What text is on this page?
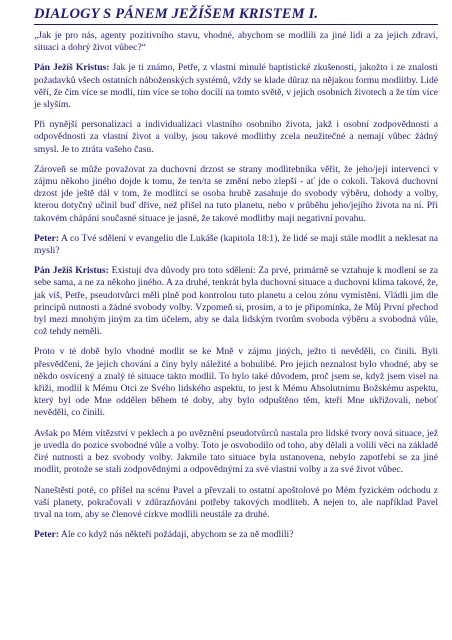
DIALOGY S PÁNEM JEŽÍŠEM KRISTEM I.

„Jak je pro nás, agenty pozitivního stavu, vhodné, abychom se modlili za jiné lidi a za jejich zdraví, situaci a dobrý život vůbec?“

Pán Ježíš Kristus: Jak je ti známo, Petře, z vlastní minulé baptistické zkušenosti, jakožto i ze znalosti požadavků všech ostatních náboženských systémů, vždy se klade důraz na nějakou formu modlitby. Lidé věří, že čím více se modlí, tím více se toho docílí na tomto světě, v jejich osobních životech a že tím více je slyším.

Při nynější personalizaci a individualizaci vlastního osobního života, jakž i osobní zodpovědnosti a odpovědnosti za vlastní život a volby, jsou takové modlitby zcela neužitečné a nemají vůbec žádný smysl. Je to ztráta vašeho času.

Zároveň se může považovat za duchovní drzost se strany modlitebníka věřit, že jeho/její intervencí v zájmu někoho jiného dojde k tomu, že ten/ta se změní nebo zlepší - ať jde o cokoli. Taková duchovní drzost jde ještě dál v tom, že modlitcí se osoba hrubě zasahuje do svobody výběru, dohody a volby, kterou dotyčný učinil buď dříve, než přišel na tuto planetu, nebo v průběhu jeho/jejího života na ní. Při takovém chápání současné situace je jasné, že takové modlitby mají negativní povahu.

Peter: A co Tvé sdělení v evangeliu dle Lukáše (kapitola 18:1), že lidé se mají stále modlit a neklesat na mysli?

Pán Ježíš Kristus: Existují dva důvody pro toto sdělení: Za prvé, primárně se vztahuje k modlení se za sebe sama, a ne za někoho jiného. A za druhé, tenkrát byla duchovní situace a duchovní klima takové, že, jak víš, Petře, pseudotvůrci měli plně pod kontrolou tuto planetu a celou zónu vymístění. Vládli jim dle principů nutnosti a žádné svobody volby. Vzpomeň si, prosím, a to je připomínka, že Můj První přechod byl mezi mnohým jiným za tím účelem, aby se dala lidským tvorům svoboda výběru a svobodná vůle, což tehdy neměli.

Proto v té době bylo vhodné modlit se ke Mně v zájmu jiných, ježto ti nevěděli, co činili. Byli přesvědčeni, že jejich chování a činy byly náležité a bohulibé. Pro jejich neznalost bylo vhodné, aby se někdo osvícený a znalý té situace takto modlil. To bylo také důvodem, proč jsem se, když jsem visel na kříži, modlil k Mému Otci ze Svého lidského aspektu, to jest k Mému Absolutnímu Božskému aspektu, který byl ode Mne oddělen během té doby, aby bylo odpuštěno těm, kteří Mne ukřižovali, neboť nevěděli, co činili.

Avšak po Mém vítězství v peklech a po uvěznění pseudotvůrců nastala pro lidské tvory nová situace, jež je uvedla do pozice svobodné vůle a volby. Toto je osvobodilo od toho, aby dělali a volili věci na základě čiré nutnosti a bez svobody volby. Jakmile tato situace byla ustanovena, nebylo zapotřebí se za jiné modlit, protože se stali zodpovědnými a odpovědnými za své vlastní volby a za své život vůbec.

Naneštěstí poté, co přišel na scénu Pavel a převzali to ostatní apoštolové po Mém fyzickém odchodu z vaší planety, pokračovali v zdůrazňování potřeby takových modliteb. A nejen to, ale například Pavel trval na tom, aby se členové církve modlili neustále za druhé.

Peter: Ale co když nás někteří požádají, abychom se za ně modlili?
